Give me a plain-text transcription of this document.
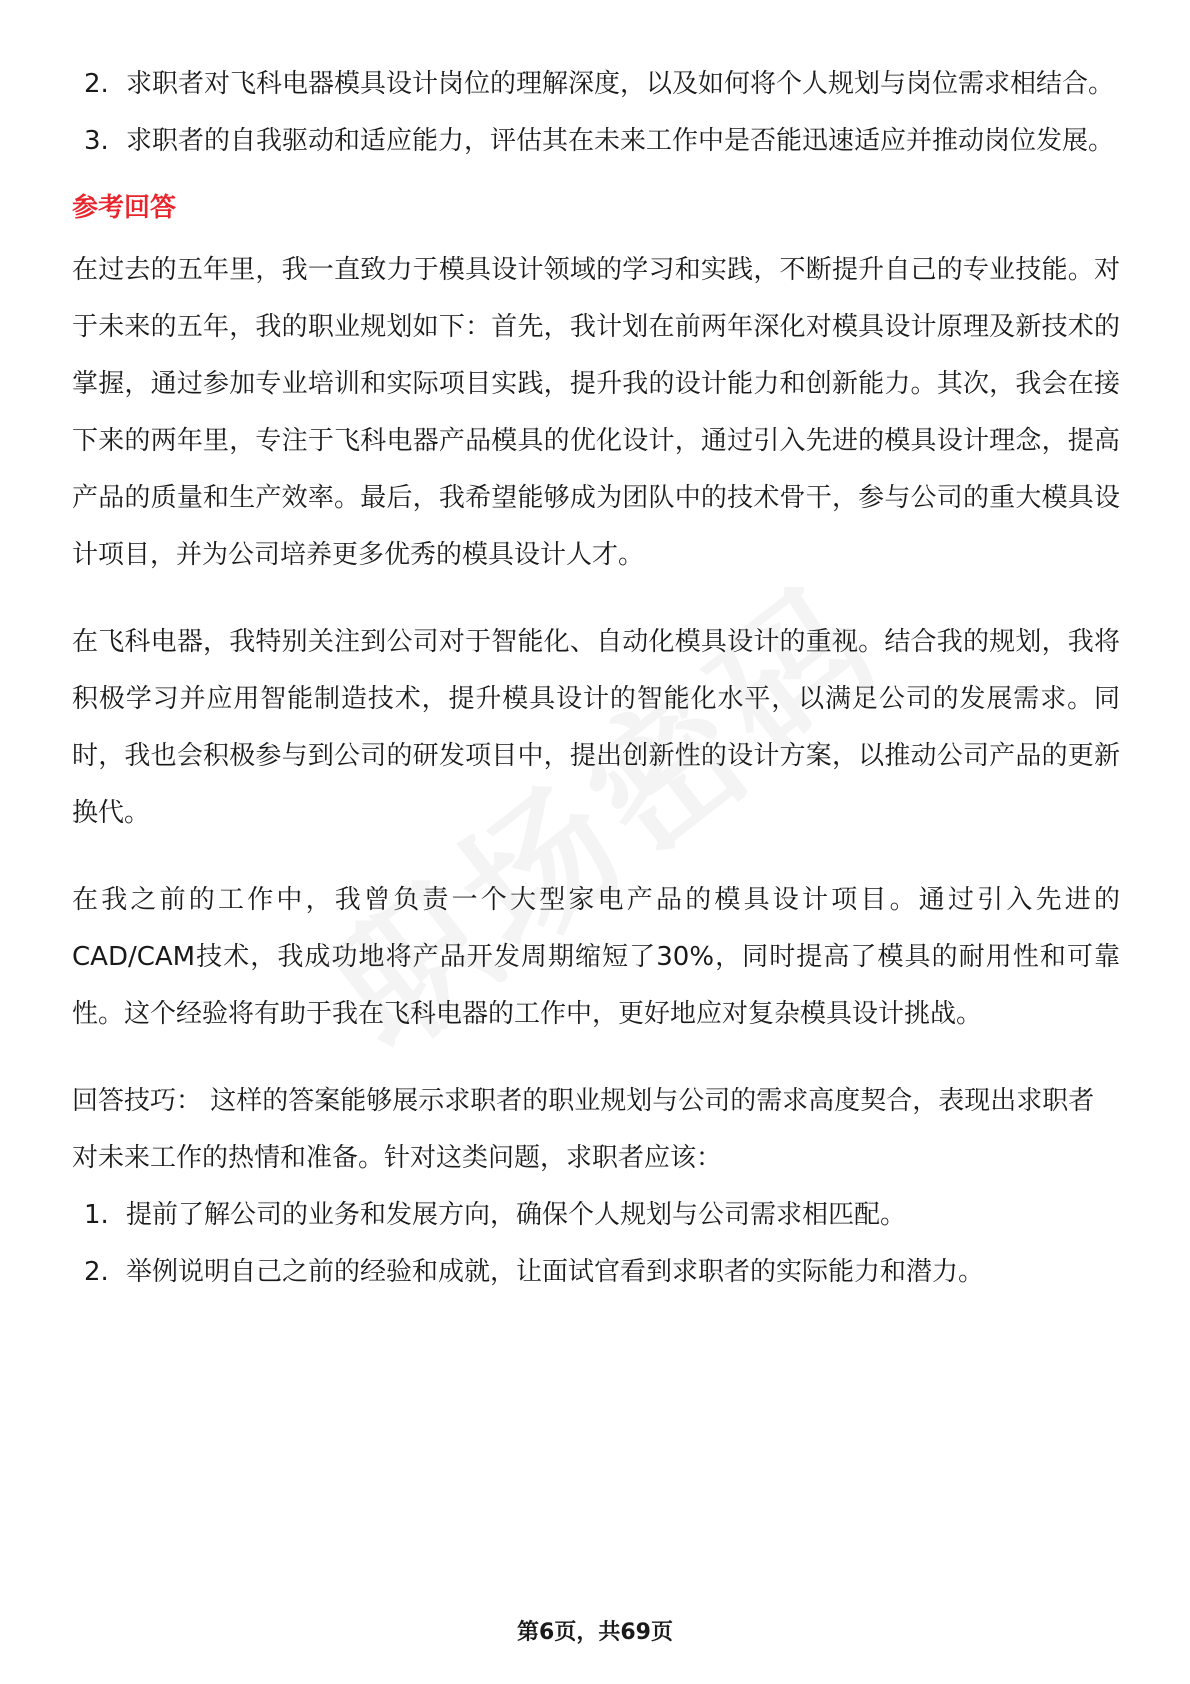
2. 求职者对飞科电器模具设计岗位的理解深度，以及如何将个人规划与岗位需求相结合。
3. 求职者的自我驱动和适应能力，评估其在未来工作中是否能迅速适应并推动岗位发展。
参考回答

在过去的五年里，我一直致力于模具设计领域的学习和实践，不断提升自己的专业技能。对于未来的五年，我的职业规划如下：首先，我计划在前两年深化对模具设计原理及新技术的掌握，通过参加专业培训和实际项目实践，提升我的设计能力和创新能力。其次，我会在接下来的两年里，专注于飞科电器产品模具的优化设计，通过引入先进的模具设计理念，提高产品的质量和生产效率。最后，我希望能够成为团队中的技术骨干，参与公司的重大模具设计项目，并为公司培养更多优秀的模具设计人才。

在飞科电器，我特别关注到公司对于智能化、自动化模具设计的重视。结合我的规划，我将积极学习并应用智能制造技术，提升模具设计的智能化水平，以满足公司的发展需求。同时，我也会积极参与到公司的研发项目中，提出创新性的设计方案，以推动公司产品的更新换代。

在我之前的工作中，我曾负责一个大型家电产品的模具设计项目。通过引入先进的CAD/CAM技术，我成功地将产品开发周期缩短了30%，同时提高了模具的耐用性和可靠性。这个经验将有助于我在飞科电器的工作中，更好地应对复杂模具设计挑战。

回答技巧： 这样的答案能够展示求职者的职业规划与公司的需求高度契合，表现出求职者对未来工作的热情和准备。针对这类问题，求职者应该：
1. 提前了解公司的业务和发展方向，确保个人规划与公司需求相匹配。
2. 举例说明自己之前的经验和成就，让面试官看到求职者的实际能力和潜力。
第6页，共69页
